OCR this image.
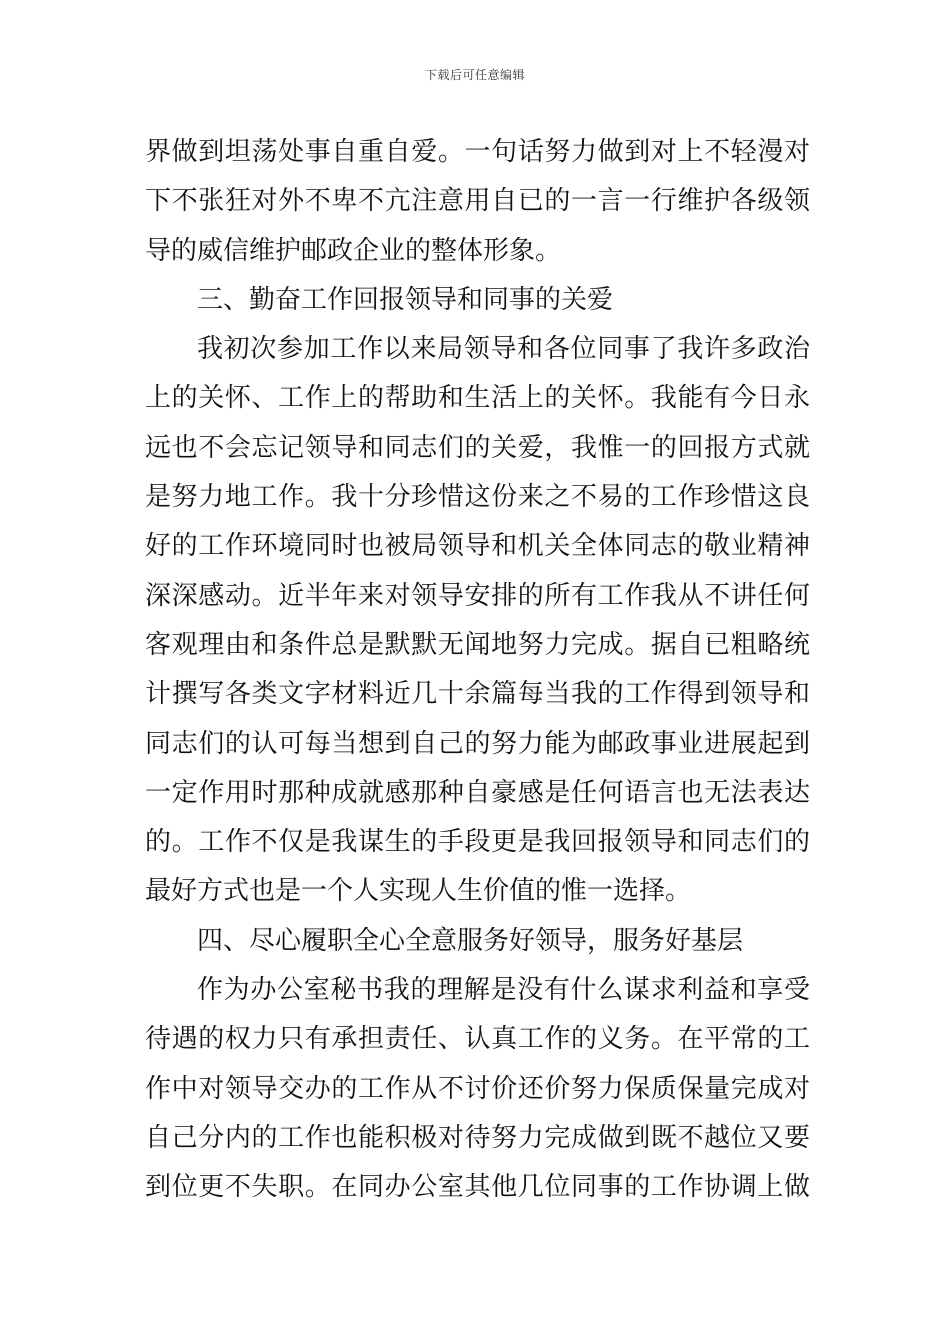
下载后可任意编辑
界做到坦荡处事自重自爱。一句话努力做到对上不轻漫对
下不张狂对外不卑不亢注意用自已的一言一行维护各级领
导的威信维护邮政企业的整体形象。
三、勤奋工作回报领导和同事的关爱
我初次参加工作以来局领导和各位同事了我许多政治
上的关怀、工作上的帮助和生活上的关怀。我能有今日永
远也不会忘记领导和同志们的关爱，我惟一的回报方式就
是努力地工作。我十分珍惜这份来之不易的工作珍惜这良
好的工作环境同时也被局领导和机关全体同志的敬业精神
深深感动。近半年来对领导安排的所有工作我从不讲任何
客观理由和条件总是默默无闻地努力完成。据自已粗略统
计撰写各类文字材料近几十余篇每当我的工作得到领导和
同志们的认可每当想到自己的努力能为邮政事业进展起到
一定作用时那种成就感那种自豪感是任何语言也无法表达
的。工作不仅是我谋生的手段更是我回报领导和同志们的
最好方式也是一个人实现人生价值的惟一选择。
四、尽心履职全心全意服务好领导，服务好基层
作为办公室秘书我的理解是没有什么谋求利益和享受
待遇的权力只有承担责任、认真工作的义务。在平常的工
作中对领导交办的工作从不讨价还价努力保质保量完成对
自己分内的工作也能积极对待努力完成做到既不越位又要
到位更不失职。在同办公室其他几位同事的工作协调上做
